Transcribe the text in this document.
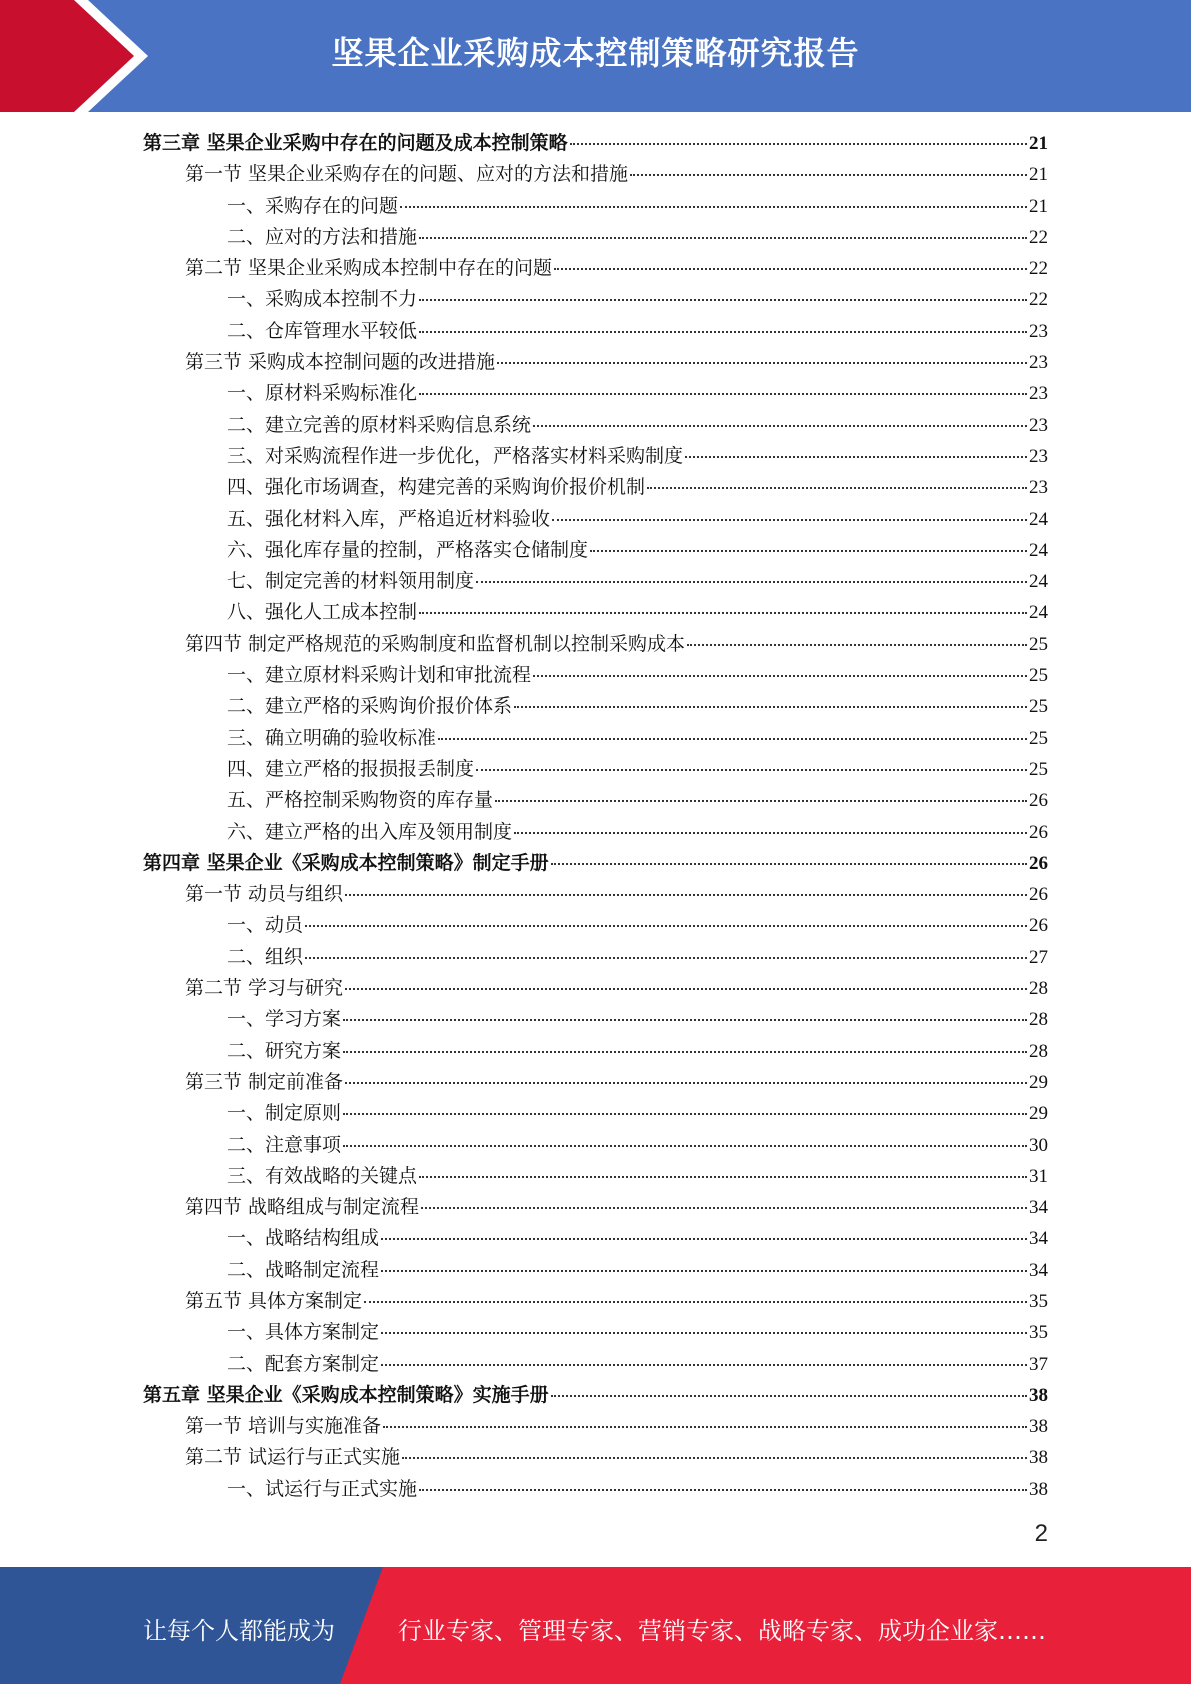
坚果企业采购成本控制策略研究报告
第三章 坚果企业采购中存在的问题及成本控制策略	21
第一节 坚果企业采购存在的问题、应对的方法和措施	21
一、采购存在的问题	21
二、应对的方法和措施	22
第二节 坚果企业采购成本控制中存在的问题	22
一、采购成本控制不力	22
二、仓库管理水平较低	23
第三节 采购成本控制问题的改进措施	23
一、原材料采购标准化	23
二、建立完善的原材料采购信息系统	23
三、对采购流程作进一步优化，严格落实材料采购制度	23
四、强化市场调查，构建完善的采购询价报价机制	23
五、强化材料入库，严格追近材料验收	24
六、强化库存量的控制，严格落实仓储制度	24
七、制定完善的材料领用制度	24
八、强化人工成本控制	24
第四节 制定严格规范的采购制度和监督机制以控制采购成本	25
一、建立原材料采购计划和审批流程	25
二、建立严格的采购询价报价体系	25
三、确立明确的验收标准	25
四、建立严格的报损报丢制度	25
五、严格控制采购物资的库存量	26
六、建立严格的出入库及领用制度	26
第四章 坚果企业《采购成本控制策略》制定手册	26
第一节 动员与组织	26
一、动员	26
二、组织	27
第二节 学习与研究	28
一、学习方案	28
二、研究方案	28
第三节 制定前准备	29
一、制定原则	29
二、注意事项	30
三、有效战略的关键点	31
第四节 战略组成与制定流程	34
一、战略结构组成	34
二、战略制定流程	34
第五节 具体方案制定	35
一、具体方案制定	35
二、配套方案制定	37
第五章 坚果企业《采购成本控制策略》实施手册	38
第一节 培训与实施准备	38
第二节 试运行与正式实施	38
一、试运行与正式实施	38
2
让每个人都能成为	行业专家、管理专家、营销专家、战略专家、成功企业家……
